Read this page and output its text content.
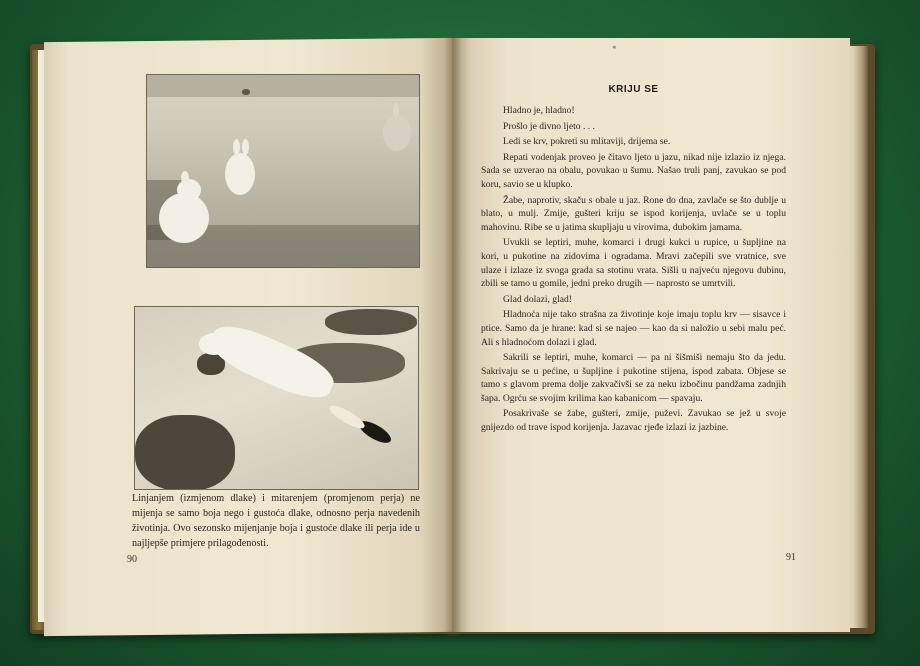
Linjanjem (izmjenom dlake) i mitarenjem (promjenom perja) ne mijenja se samo boja nego i gustoća dlake, odnosno perja navedenih životinja. Ovo sezonsko mijenjanje boja i gustoće dlake ili perja ide u najljepše primjere prilagođenosti.

90
*
KRIJU SE

Hladno je, hladno!

Prošlo je divno ljeto . . .

Ledi se krv, pokreti su mlitaviji, drijema se.

Repati vodenjak proveo je čitavo ljeto u jazu, nikad nije izlazio iz njega. Sada se uzverao na obalu, povukao u šumu. Našao truli panj, zavukao se pod koru, savio se u klupko.

Žabe, naprotiv, skaču s obale u jaz. Rone do dna, zavlače se što dublje u blato, u mulj. Zmije, gušteri kriju se ispod korijenja, uvlače se u toplu mahovinu. Ribe se u jatima skupljaju u virovima, dubokim jamama.

Uvukli se leptiri, muhe, komarci i drugi kukci u rupice, u šupljine na kori, u pukotine na zidovima i ogradama. Mravi začepili sve vratnice, sve ulaze i izlaze iz svoga grada sa stotinu vrata. Sišli u najveću njegovu dubinu, zbili se tamo u gomile, jedni preko drugih — naprosto se umrtvili.

Glad dolazi, glad!

Hladnoća nije tako strašna za životinje koje imaju toplu krv — sisavce i ptice. Samo da je hrane: kad si se najeo — kao da si naložio u sebi malu peć. Ali s hladnoćom dolazi i glad.

Sakrili se leptiri, muhe, komarci — pa ni šišmiši nemaju što da jedu. Sakrivaju se u pećine, u šupljine i pukotine stijena, ispod zabata. Objese se tamo s glavom prema dolje zakvačivši se za neku izbočinu pandžama zadnjih šapa. Ogrću se svojim krilima kao kabanicom — spavaju.

Posakrivaše se žabe, gušteri, zmije, puževi. Zavukao se jež u svoje gnijezdo od trave ispod korijenja. Jazavac rjeđe izlazi iz jazbine.

91
